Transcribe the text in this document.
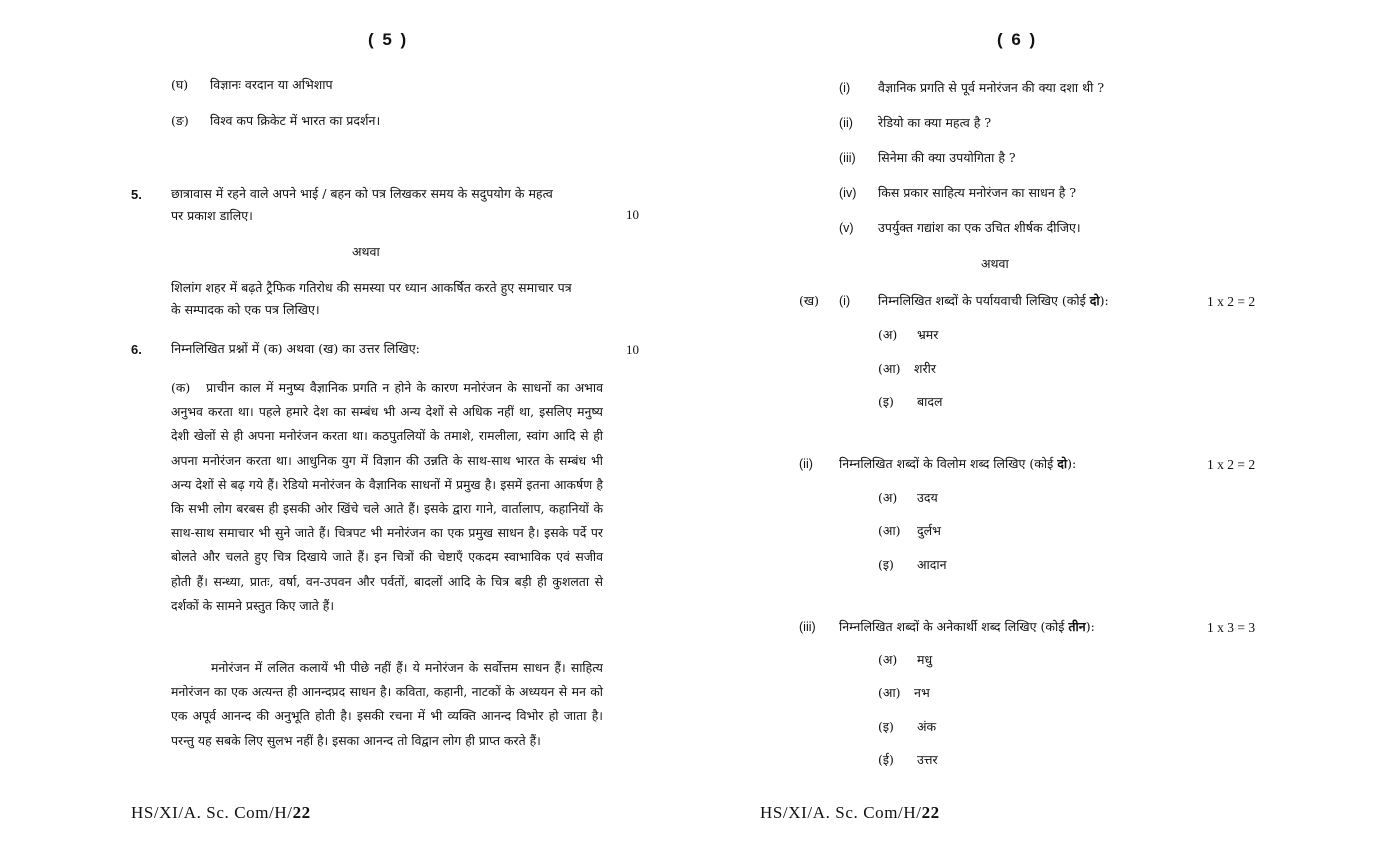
( 5 )
(घ) विज्ञानः वरदान या अभिशाप
(ङ) विश्व कप क्रिकेट में भारत का प्रदर्शन।
5. छात्रावास में रहने वाले अपने भाई / बहन को पत्र लिखकर समय के सदुपयोग के महत्व
पर प्रकाश डालिए।	10
अथवा
शिलांग शहर में बढ़ते ट्रैफिक गतिरोध की समस्या पर ध्यान आकर्षित करते हुए समाचार पत्र
के सम्पादक को एक पत्र लिखिए।
6. निम्नलिखित प्रश्नों में (क) अथवा (ख) का उत्तर लिखिए:	10
(क) प्राचीन काल में मनुष्य वैज्ञानिक प्रगति न होने के कारण मनोरंजन के साधनों का अभाव अनुभव करता था। पहले हमारे देश का सम्बंध भी अन्य देशों से अधिक नहीं था, इसलिए मनुष्य देशी खेलों से ही अपना मनोरंजन करता था। कठपुतलियों के तमाशे, रामलीला, स्वांग आदि से ही अपना मनोरंजन करता था। आधुनिक युग में विज्ञान की उन्नति के साथ-साथ भारत के सम्बंध भी अन्य देशों से बढ़ गये हैं। रेडियो मनोरंजन के वैज्ञानिक साधनों में प्रमुख है। इसमें इतना आकर्षण है कि सभी लोग बरबस ही इसकी ओर खिंचे चले आते हैं। इसके द्वारा गाने, वार्तालाप, कहानियों के साथ-साथ समाचार भी सुने जाते हैं। चित्रपट भी मनोरंजन का एक प्रमुख साधन है। इसके पर्दे पर बोलते और चलते हुए चित्र दिखाये जाते हैं। इन चित्रों की चेष्टाएँ एकदम स्वाभाविक एवं सजीव होती हैं। सन्ध्या, प्रातः, वर्षा, वन-उपवन और पर्वतों, बादलों आदि के चित्र बड़ी ही कुशलता से दर्शकों के सामने प्रस्तुत किए जाते हैं।
मनोरंजन में ललित कलायें भी पीछे नहीं हैं। ये मनोरंजन के सर्वोत्तम साधन हैं। साहित्य मनोरंजन का एक अत्यन्त ही आनन्दप्रद साधन है। कविता, कहानी, नाटकों के अध्ययन से मन को एक अपूर्व आनन्द की अनुभूति होती है। इसकी रचना में भी व्यक्ति आनन्द विभोर हो जाता है। परन्तु यह सबके लिए सुलभ नहीं है। इसका आनन्द तो विद्वान लोग ही प्राप्त करते हैं।
HS/XI/A. Sc. Com/H/22
( 6 )
(i) वैज्ञानिक प्रगति से पूर्व मनोरंजन की क्या दशा थी ?
(ii) रेडियो का क्या महत्व है ?
(iii) सिनेमा की क्या उपयोगिता है ?
(iv) किस प्रकार साहित्य मनोरंजन का साधन है ?
(v) उपर्युक्त गद्यांश का एक उचित शीर्षक दीजिए।
अथवा
(ख) (i) निम्नलिखित शब्दों के पर्यायवाची लिखिए (कोई दो):	1 x 2 = 2
(अ) भ्रमर
(आ) शरीर
(इ) बादल
(ii) निम्नलिखित शब्दों के विलोम शब्द लिखिए (कोई दो):	1 x 2 = 2
(अ) उदय
(आ) दुर्लभ
(इ) आदान
(iii) निम्नलिखित शब्दों के अनेकार्थी शब्द लिखिए (कोई तीन):	1 x 3 = 3
(अ) मधु
(आ) नभ
(इ) अंक
(ई) उत्तर
HS/XI/A. Sc. Com/H/22
